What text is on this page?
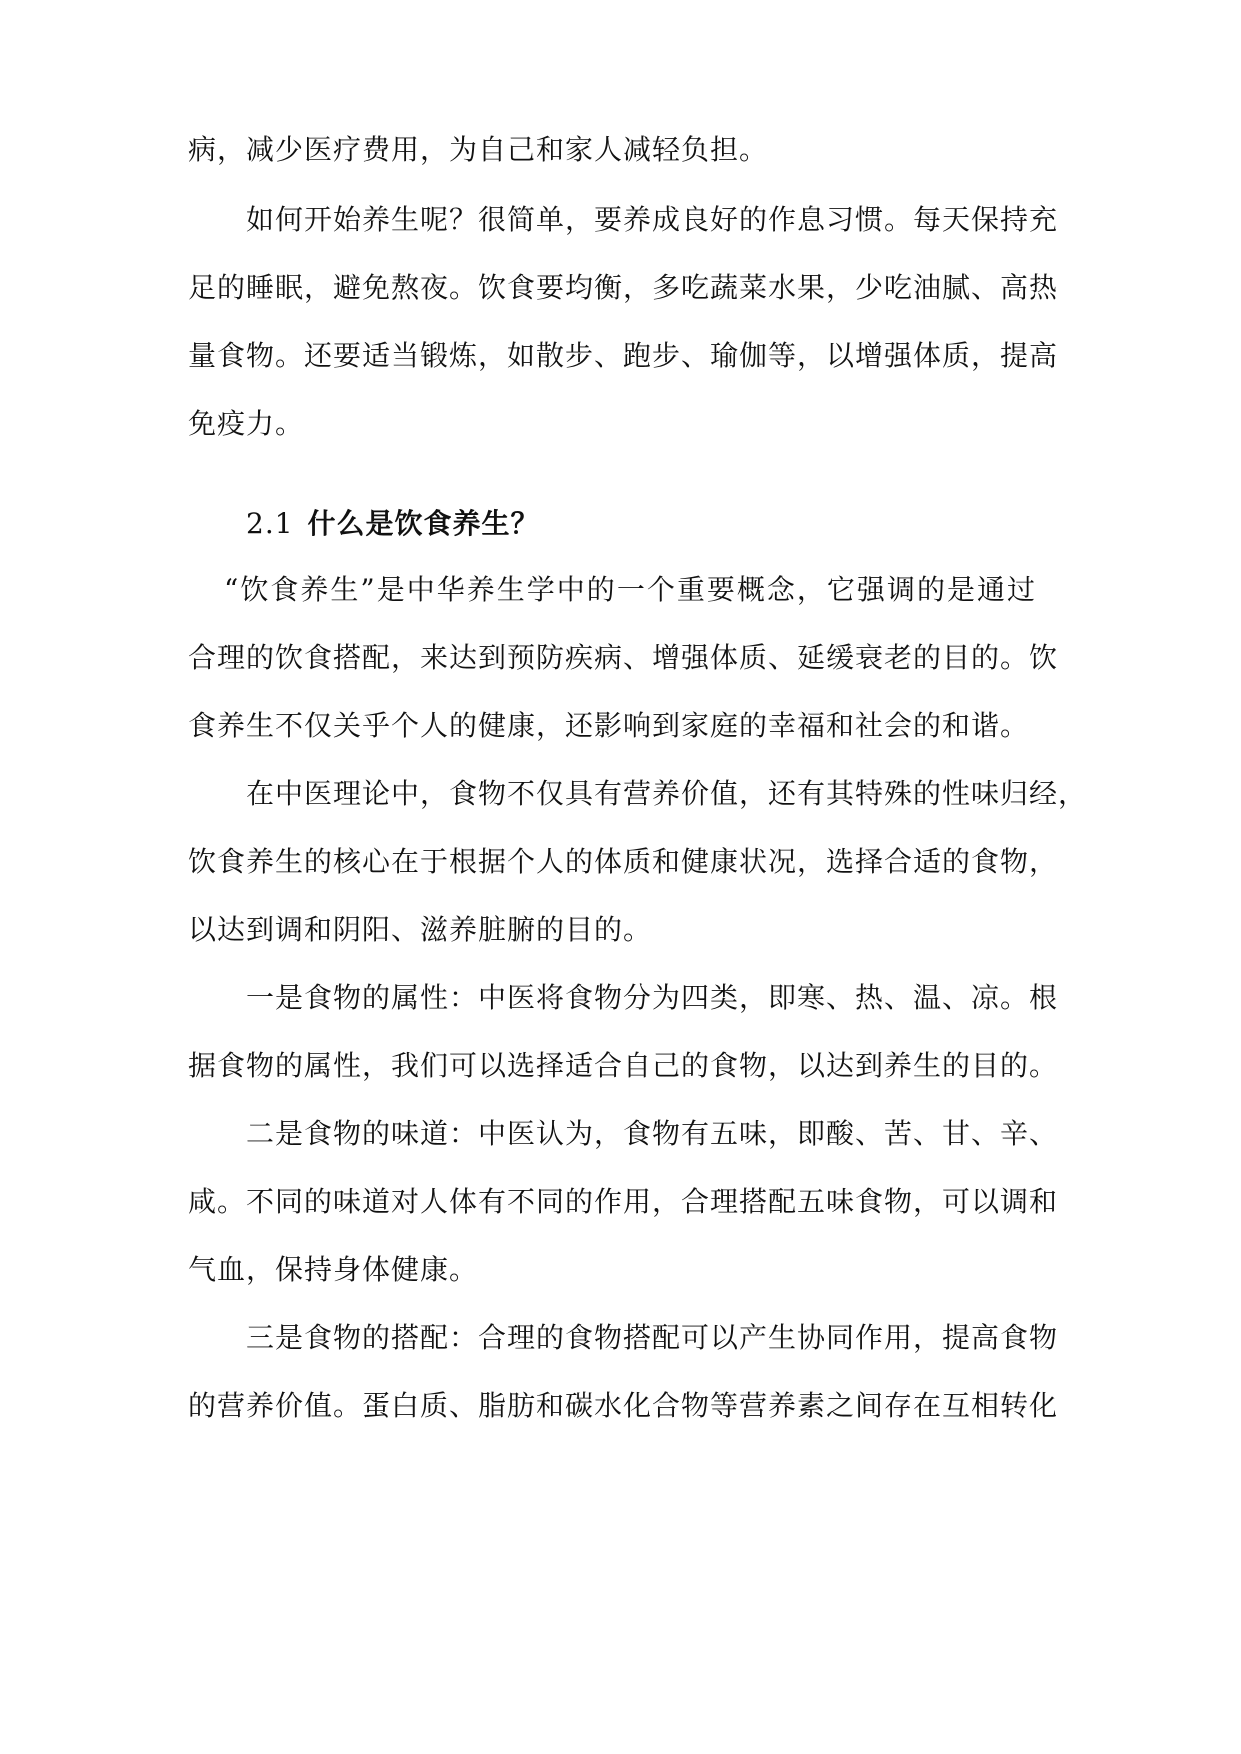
病，减少医疗费用，为自己和家人减轻负担。
如何开始养生呢？很简单，要养成良好的作息习惯。每天保持充
足的睡眠，避免熬夜。饮食要均衡，多吃蔬菜水果，少吃油腻、高热
量食物。还要适当锻炼，如散步、跑步、瑜伽等，以增强体质，提高
免疫力。
2.1 什么是饮食养生？
“饮食养生”是中华养生学中的一个重要概念，它强调的是通过
合理的饮食搭配，来达到预防疾病、增强体质、延缓衰老的目的。饮
食养生不仅关乎个人的健康，还影响到家庭的幸福和社会的和谐。
在中医理论中，食物不仅具有营养价值，还有其特殊的性味归经，
饮食养生的核心在于根据个人的体质和健康状况，选择合适的食物，
以达到调和阴阳、滋养脏腑的目的。
一是食物的属性：中医将食物分为四类，即寒、热、温、凉。根
据食物的属性，我们可以选择适合自己的食物，以达到养生的目的。
二是食物的味道：中医认为，食物有五味，即酸、苦、甘、辛、
咸。不同的味道对人体有不同的作用，合理搭配五味食物，可以调和
气血，保持身体健康。
三是食物的搭配：合理的食物搭配可以产生协同作用，提高食物
的营养价值。蛋白质、脂肪和碳水化合物等营养素之间存在互相转化
